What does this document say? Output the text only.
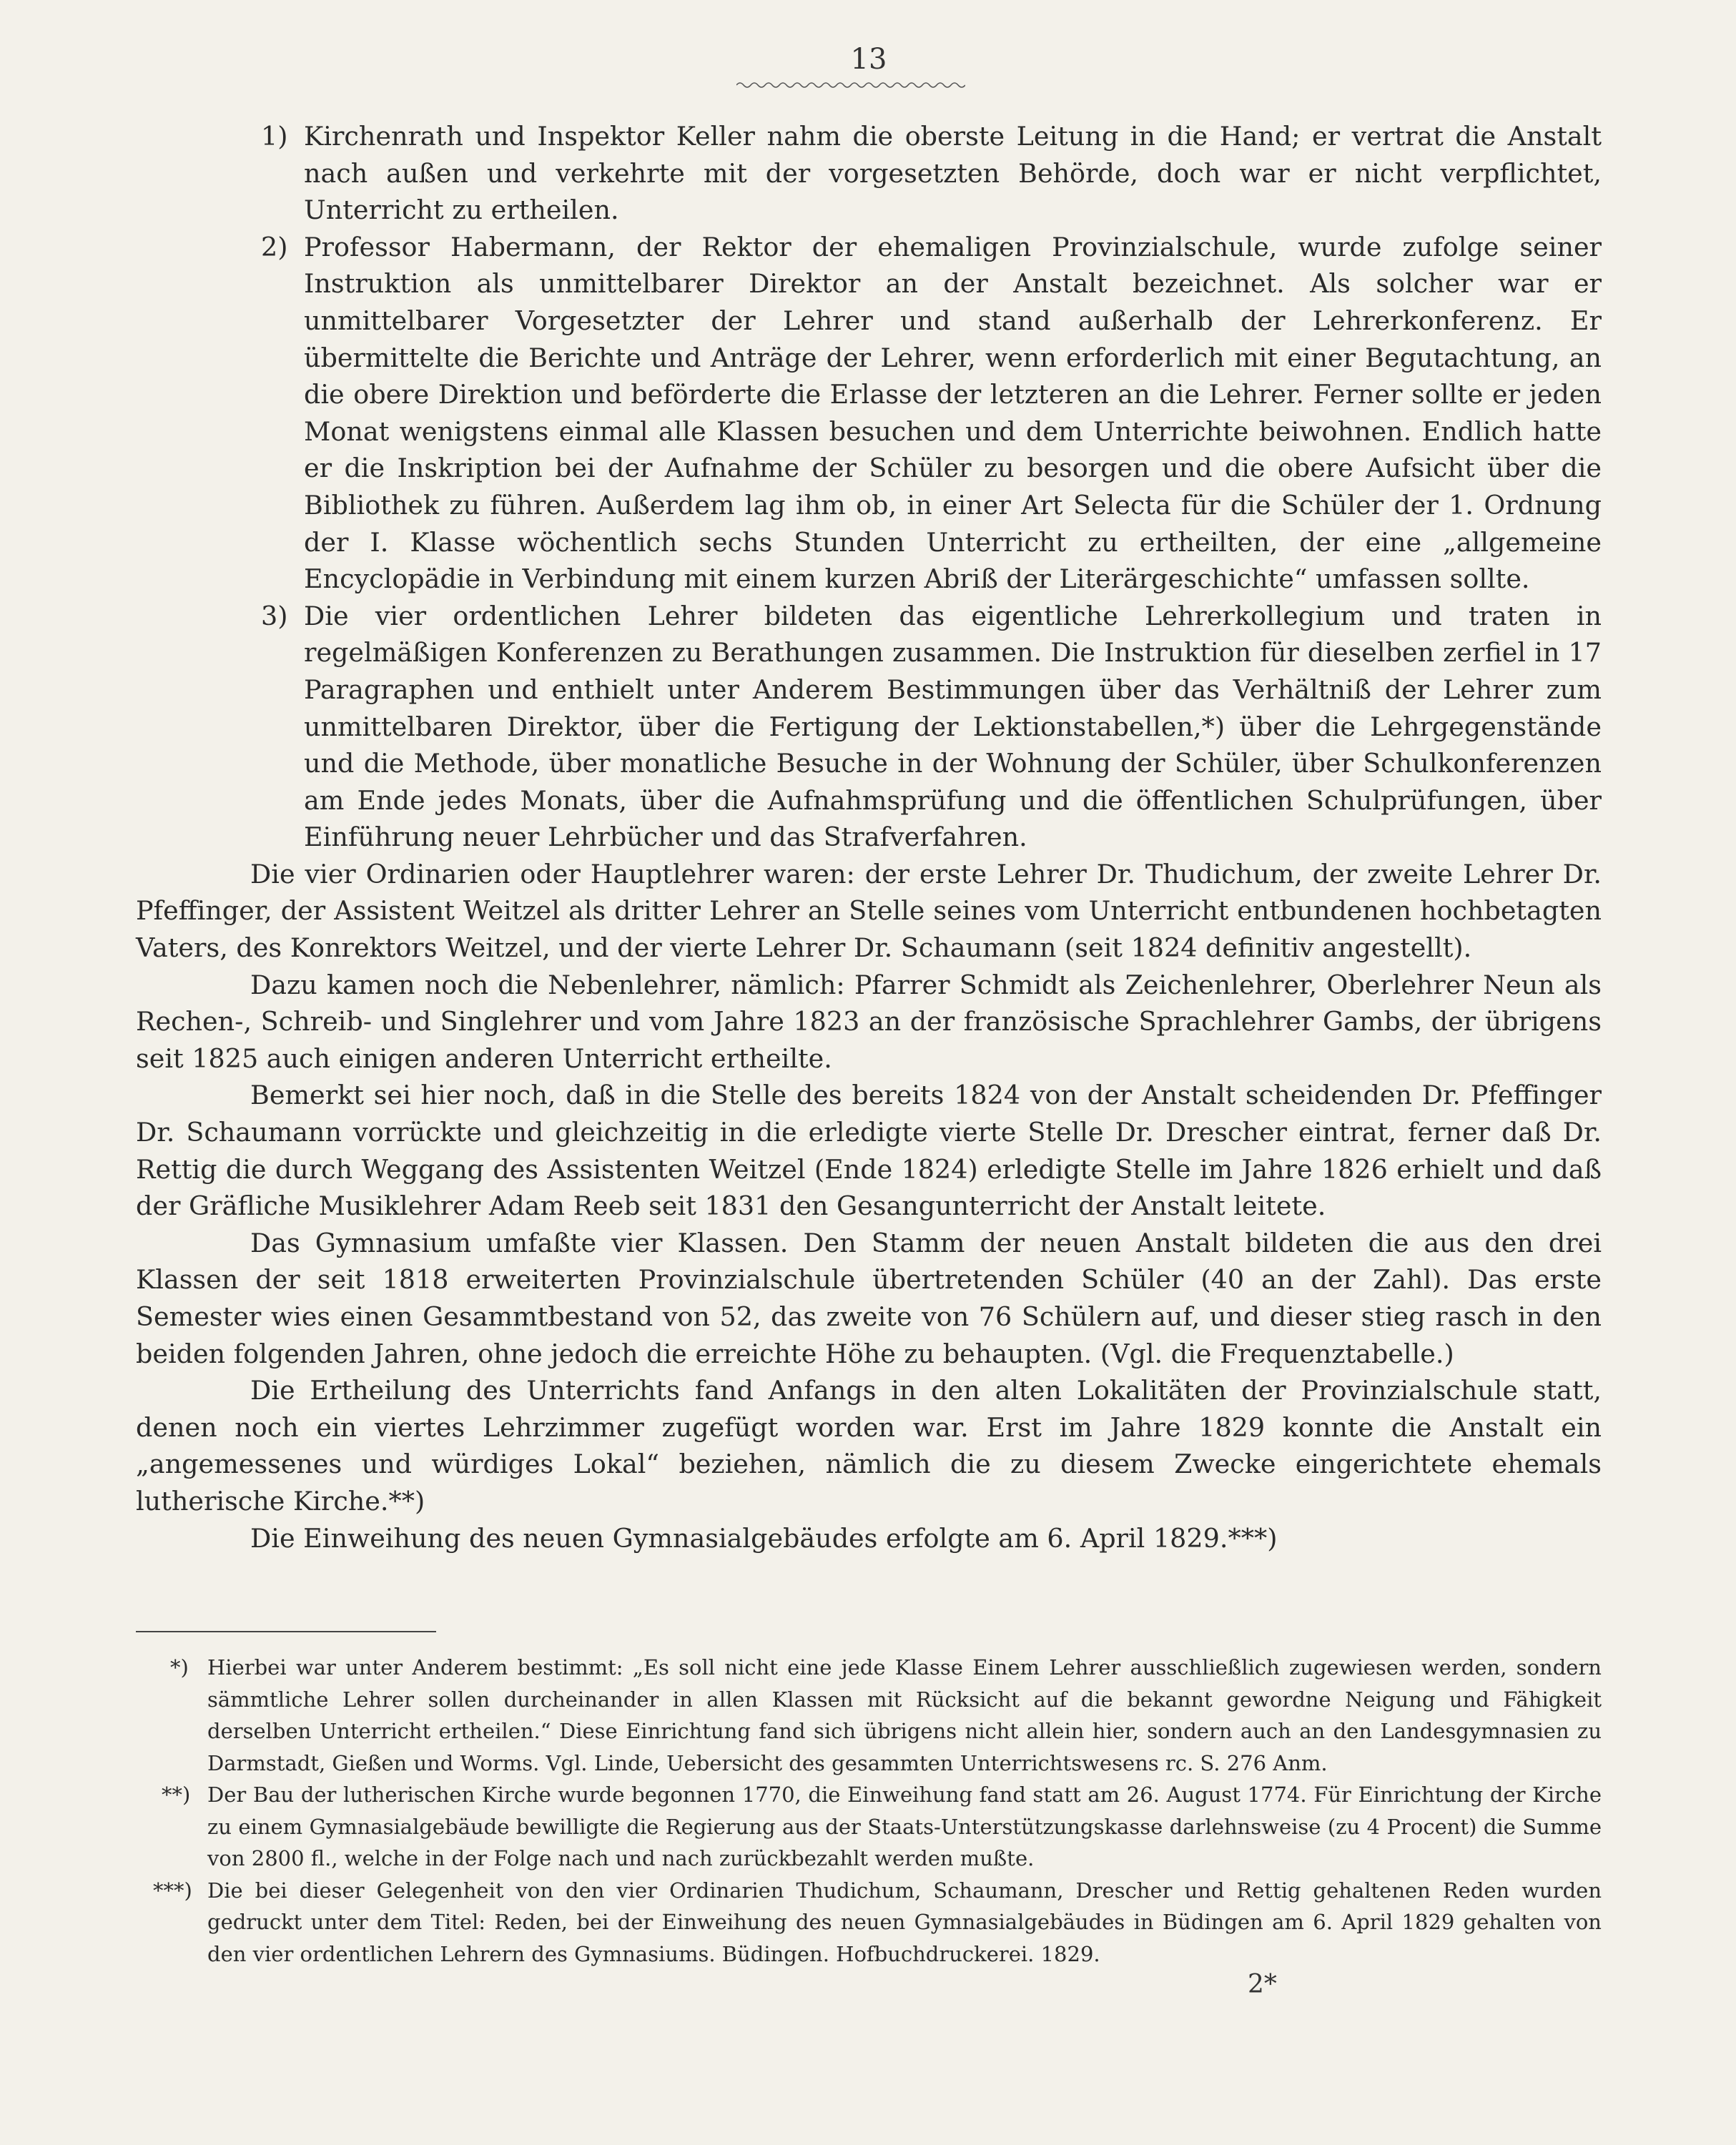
13
1) Kirchenrath und Inspektor Keller nahm die oberste Leitung in die Hand; er vertrat die Anstalt nach außen und verkehrte mit der vorgesetzten Behörde, doch war er nicht verpflichtet, Unterricht zu ertheilen.
2) Professor Habermann, der Rektor der ehemaligen Provinzialschule, wurde zufolge seiner Instruktion als unmittelbarer Direktor an der Anstalt bezeichnet. Als solcher war er unmittelbarer Vorgesetzter der Lehrer und stand außerhalb der Lehrerkonferenz. Er übermittelte die Berichte und Anträge der Lehrer, wenn erforderlich mit einer Begutachtung, an die obere Direktion und beförderte die Erlasse der letzteren an die Lehrer. Ferner sollte er jeden Monat wenigstens einmal alle Klassen besuchen und dem Unterrichte beiwohnen. Endlich hatte er die Inskription bei der Aufnahme der Schüler zu besorgen und die obere Aufsicht über die Bibliothek zu führen. Außerdem lag ihm ob, in einer Art Selecta für die Schüler der 1. Ordnung der I. Klasse wöchentlich sechs Stunden Unterricht zu ertheilten, der eine „allgemeine Encyclopädie in Verbindung mit einem kurzen Abriß der Literärgeschichte“ umfassen sollte.
3) Die vier ordentlichen Lehrer bildeten das eigentliche Lehrerkollegium und traten in regelmäßigen Konferenzen zu Berathungen zusammen. Die Instruktion für dieselben zerfiel in 17 Paragraphen und enthielt unter Anderem Bestimmungen über das Verhältniß der Lehrer zum unmittelbaren Direktor, über die Fertigung der Lektionstabellen,*) über die Lehrgegenstände und die Methode, über monatliche Besuche in der Wohnung der Schüler, über Schulkonferenzen am Ende jedes Monats, über die Aufnahmsprüfung und die öffentlichen Schulprüfungen, über Einführung neuer Lehrbücher und das Strafverfahren.

Die vier Ordinarien oder Hauptlehrer waren: der erste Lehrer Dr. Thudichum, der zweite Lehrer Dr. Pfeffinger, der Assistent Weitzel als dritter Lehrer an Stelle seines vom Unterricht entbundenen hochbetagten Vaters, des Konrektors Weitzel, und der vierte Lehrer Dr. Schaumann (seit 1824 definitiv angestellt).

Dazu kamen noch die Nebenlehrer, nämlich: Pfarrer Schmidt als Zeichenlehrer, Oberlehrer Neun als Rechen-, Schreib- und Singlehrer und vom Jahre 1823 an der französische Sprachlehrer Gambs, der übrigens seit 1825 auch einigen anderen Unterricht ertheilte.

Bemerkt sei hier noch, daß in die Stelle des bereits 1824 von der Anstalt scheidenden Dr. Pfeffinger Dr. Schaumann vorrückte und gleichzeitig in die erledigte vierte Stelle Dr. Drescher eintrat, ferner daß Dr. Rettig die durch Weggang des Assistenten Weitzel (Ende 1824) erledigte Stelle im Jahre 1826 erhielt und daß der Gräfliche Musiklehrer Adam Reeb seit 1831 den Gesangunterricht der Anstalt leitete.

Das Gymnasium umfaßte vier Klassen. Den Stamm der neuen Anstalt bildeten die aus den drei Klassen der seit 1818 erweiterten Provinzialschule übertretenden Schüler (40 an der Zahl). Das erste Semester wies einen Gesammtbestand von 52, das zweite von 76 Schülern auf, und dieser stieg rasch in den beiden folgenden Jahren, ohne jedoch die erreichte Höhe zu behaupten. (Vgl. die Frequenztabelle.)

Die Ertheilung des Unterrichts fand Anfangs in den alten Lokalitäten der Provinzialschule statt, denen noch ein viertes Lehrzimmer zugefügt worden war. Erst im Jahre 1829 konnte die Anstalt ein „angemessenes und würdiges Lokal“ beziehen, nämlich die zu diesem Zwecke eingerichtete ehemals lutherische Kirche.**)

Die Einweihung des neuen Gymnasialgebäudes erfolgte am 6. April 1829.***)

*) Hierbei war unter Anderem bestimmt: „Es soll nicht eine jede Klasse Einem Lehrer ausschließlich zugewiesen werden, sondern sämmtliche Lehrer sollen durcheinander in allen Klassen mit Rücksicht auf die bekannt gewordne Neigung und Fähigkeit derselben Unterricht ertheilen.“ Diese Einrichtung fand sich übrigens nicht allein hier, sondern auch an den Landesgymnasien zu Darmstadt, Gießen und Worms. Vgl. Linde, Uebersicht des gesammten Unterrichtswesens rc. S. 276 Anm.
**) Der Bau der lutherischen Kirche wurde begonnen 1770, die Einweihung fand statt am 26. August 1774. Für Einrichtung der Kirche zu einem Gymnasialgebäude bewilligte die Regierung aus der Staats-Unterstützungskasse darlehnsweise (zu 4 Procent) die Summe von 2800 fl., welche in der Folge nach und nach zurückbezahlt werden mußte.
***) Die bei dieser Gelegenheit von den vier Ordinarien Thudichum, Schaumann, Drescher und Rettig gehaltenen Reden wurden gedruckt unter dem Titel: Reden, bei der Einweihung des neuen Gymnasialgebäudes in Büdingen am 6. April 1829 gehalten von den vier ordentlichen Lehrern des Gymnasiums. Büdingen. Hofbuchdruckerei. 1829.
2*
